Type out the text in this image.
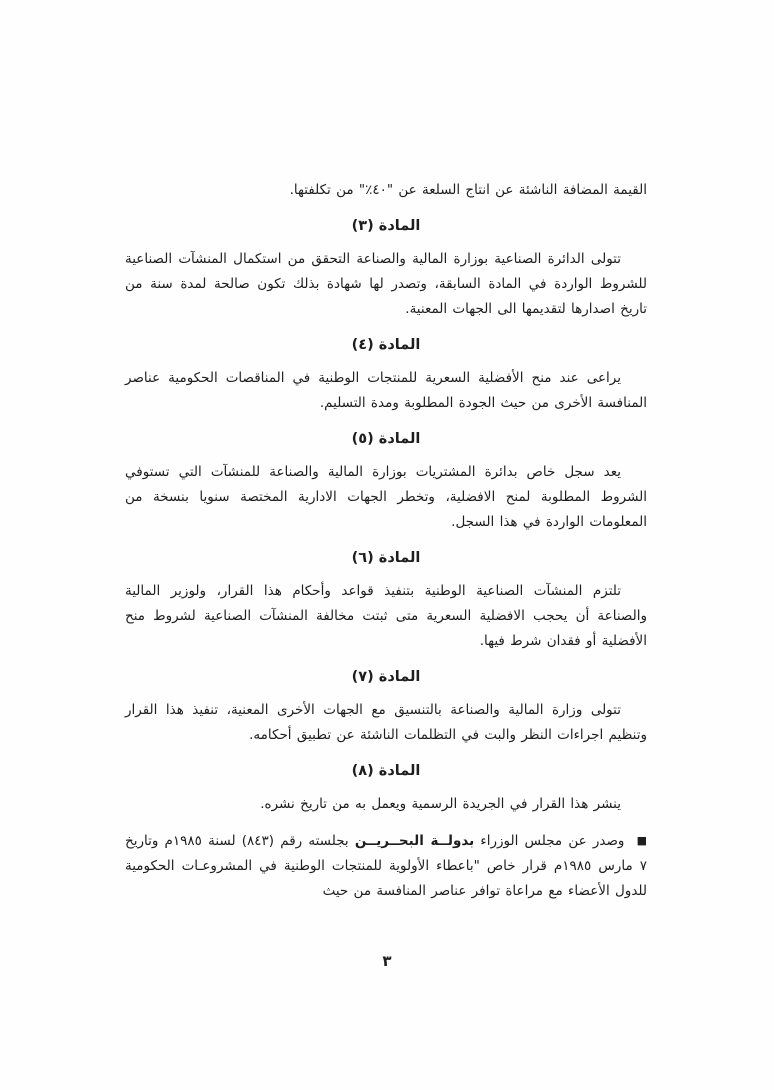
القيمة المضافة الناشئة عن انتاج السلعة عن "٤٠٪" من تكلفتها.

المادة (٣)

تتولى الدائرة الصناعية بوزارة المالية والصناعة التحقق من استكمال المنشآت الصناعية للشروط الواردة في المادة السابقة، وتصدر لها شهادة بذلك تكون صالحة لمدة سنة من تاريخ اصدارها لتقديمها الى الجهات المعنية.

المادة (٤)

يراعى عند منح الأفضلية السعرية للمنتجات الوطنية في المناقصات الحكومية عناصر المنافسة الأخرى من حيث الجودة المطلوبة ومدة التسليم.

المادة (٥)

يعد سجل خاص بدائرة المشتريات بوزارة المالية والصناعة للمنشآت التي تستوفي الشروط المطلوبة لمنح الافضلية، وتخطر الجهات الادارية المختصة سنويا بنسخة من المعلومات الواردة في هذا السجل.

المادة (٦)

تلتزم المنشآت الصناعية الوطنية بتنفيذ قواعد وأحكام هذا القرار، ولوزير المالية والصناعة أن يحجب الافضلية السعرية متى ثبتت مخالفة المنشآت الصناعية لشروط منح الأفضلية أو فقدان شرط فيها.

المادة (٧)

تتولى وزارة المالية والصناعة بالتنسيق مع الجهات الأخرى المعنية، تنفيذ هذا القرار وتنظيم اجراءات النظر والبت في التظلمات الناشئة عن تطبيق أحكامه.

المادة (٨)

ينشر هذا القرار في الجريدة الرسمية ويعمل به من تاريخ نشره.

■ وصدر عن مجلس الوزراء بدولــة البحــريــن بجلسته رقم (٨٤٣) لسنة ١٩٨٥م وتاريخ ٧ مارس ١٩٨٥م قرار خاص "باعطاء الأولوية للمنتجات الوطنية في المشروعـات الحكومية للدول الأعضاء مع مراعاة توافر عناصر المنافسة من حيث

٣
